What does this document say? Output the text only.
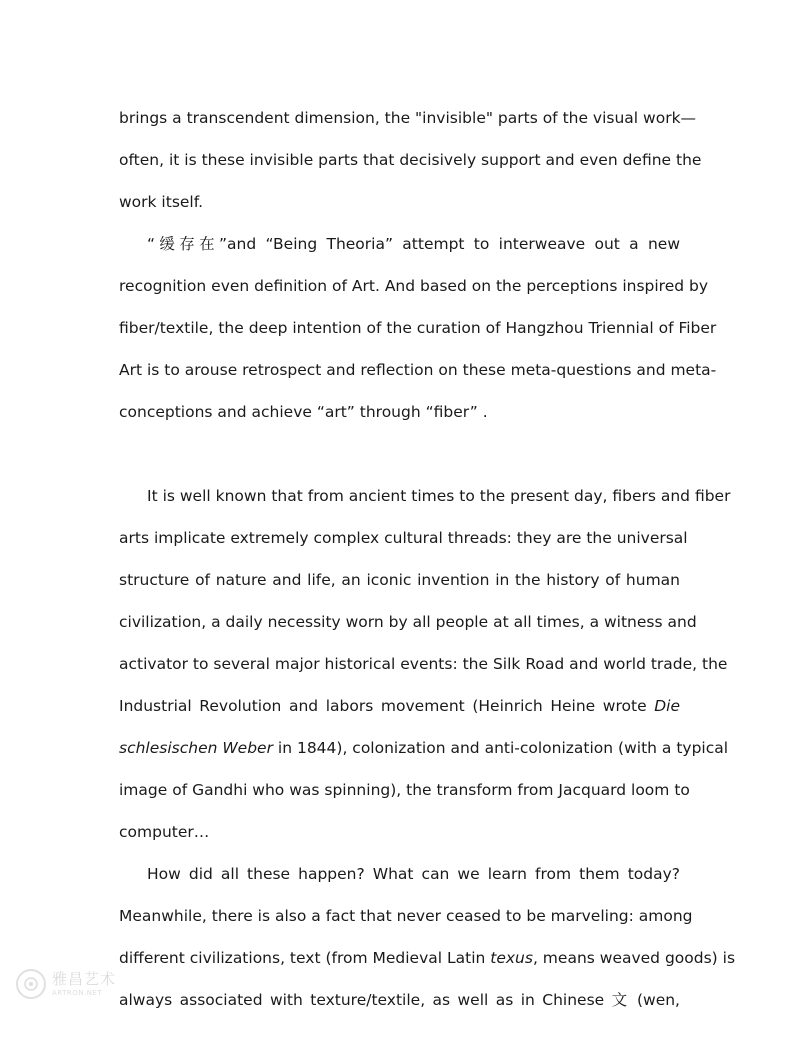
brings a transcendent dimension, the "invisible" parts of the visual work—
often, it is these invisible parts that decisively support and even define the
work itself.
“缓存在”and “Being Theoria” attempt to interweave out a new
recognition even definition of Art. And based on the perceptions inspired by
fiber/textile, the deep intention of the curation of Hangzhou Triennial of Fiber
Art is to arouse retrospect and reflection on these meta-questions and meta-
conceptions and achieve “art” through “fiber” .
It is well known that from ancient times to the present day, fibers and fiber
arts implicate extremely complex cultural threads: they are the universal
structure of nature and life, an iconic invention in the history of human
civilization, a daily necessity worn by all people at all times, a witness and
activator to several major historical events: the Silk Road and world trade, the
Industrial Revolution and labors movement (Heinrich Heine wrote Die
schlesischen Weber in 1844), colonization and anti-colonization (with a typical
image of Gandhi who was spinning), the transform from Jacquard loom to
computer…
How did all these happen? What can we learn from them today?
Meanwhile, there is also a fact that never ceased to be marveling: among
different civilizations, text (from Medieval Latin texus, means weaved goods) is
always associated with texture/textile, as well as in Chinese 文 (wen,
雅昌艺术
ARTRON.NET
